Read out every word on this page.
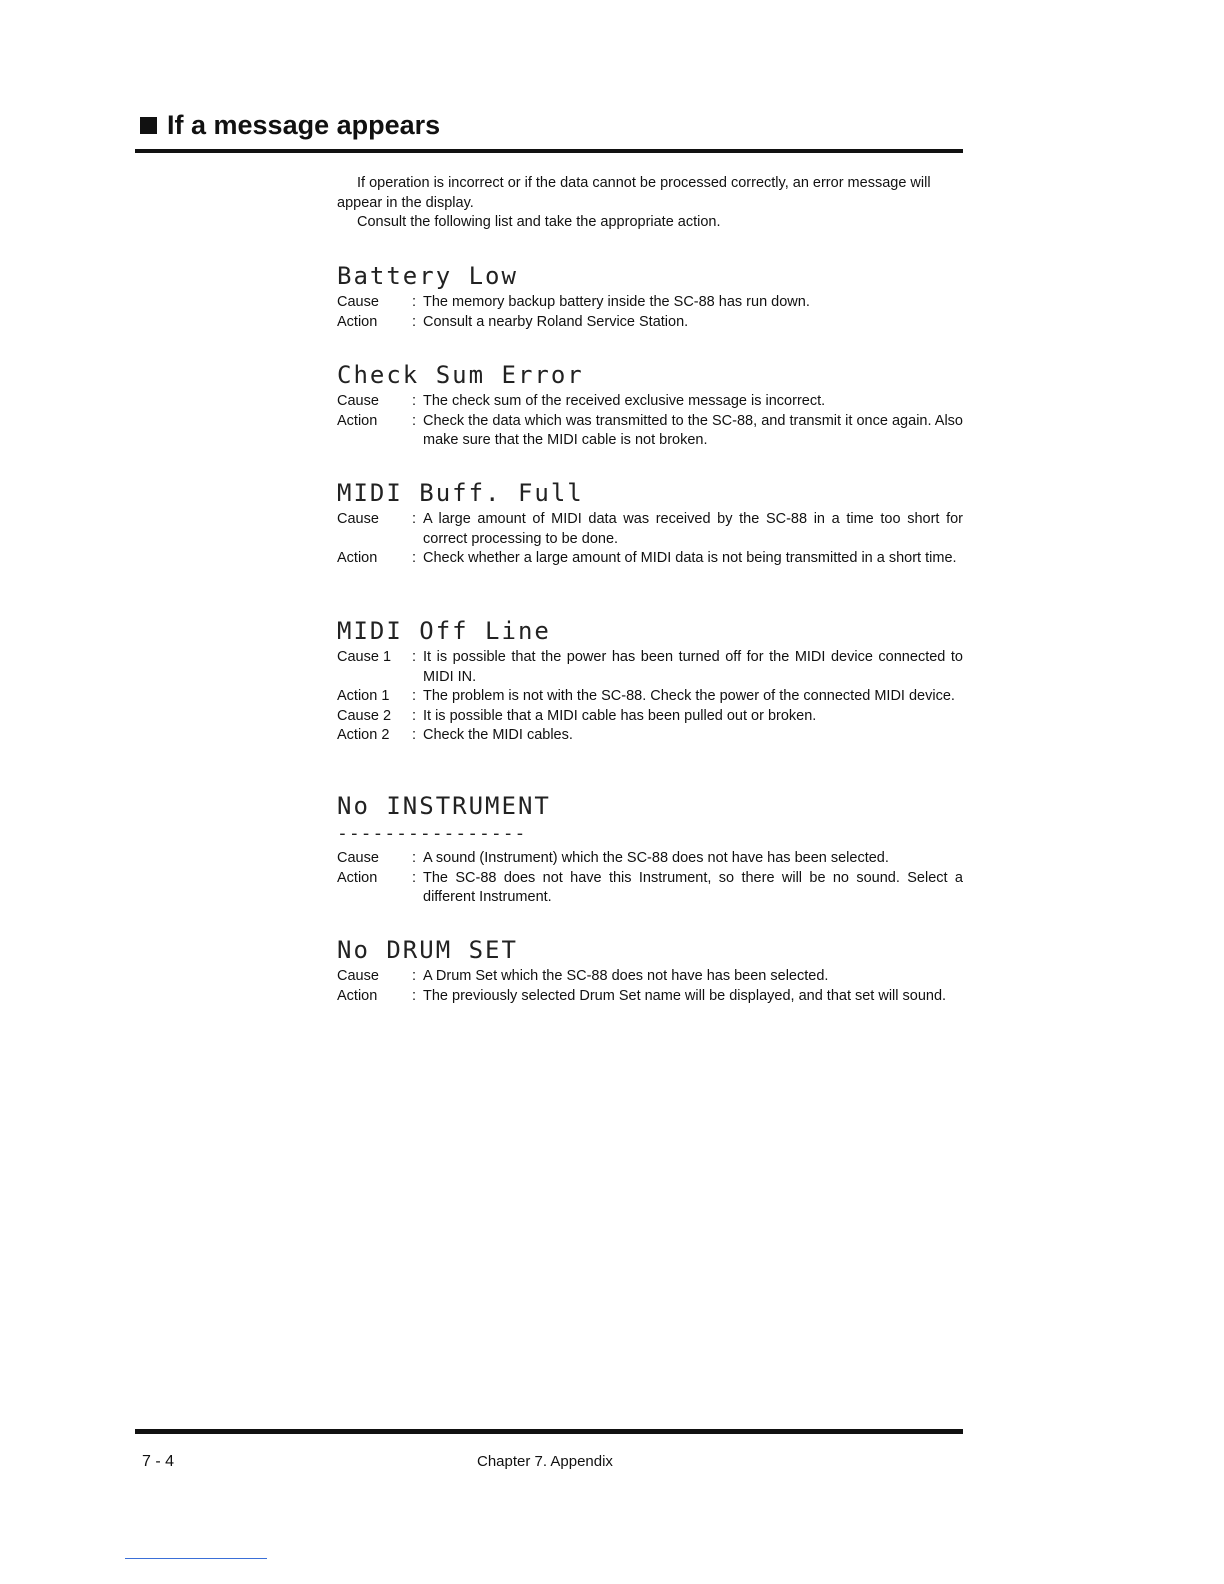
If a message appears

If operation is incorrect or if the data cannot be processed correctly, an error message will appear in the display.

Consult the following list and take the appropriate action.

Battery Low
Cause	: The memory backup battery inside the SC-88 has run down.
Action	: Consult a nearby Roland Service Station.
Check Sum Error
Cause	: The check sum of the received exclusive message is incorrect.
Action	: Check the data which was transmitted to the SC-88, and transmit it once again. Also make sure that the MIDI cable is not broken.
MIDI Buff. Full
Cause	: A large amount of MIDI data was received by the SC-88 in a time too short for correct processing to be done.
Action	: Check whether a large amount of MIDI data is not being transmitted in a short time.
MIDI Off Line
Cause 1	: It is possible that the power has been turned off for the MIDI device connected to MIDI IN.
Action 1	: The problem is not with the SC-88. Check the power of the connected MIDI device.
Cause 2	: It is possible that a MIDI cable has been pulled out or broken.
Action 2	: Check the MIDI cables.
No INSTRUMENT
----------------
Cause	: A sound (Instrument) which the SC-88 does not have has been selected.
Action	: The SC-88 does not have this Instrument, so there will be no sound. Select a different Instrument.
No DRUM SET
Cause	: A Drum Set which the SC-88 does not have has been selected.
Action	: The previously selected Drum Set name will be displayed, and that set will sound.
7 - 4	Chapter 7. Appendix
